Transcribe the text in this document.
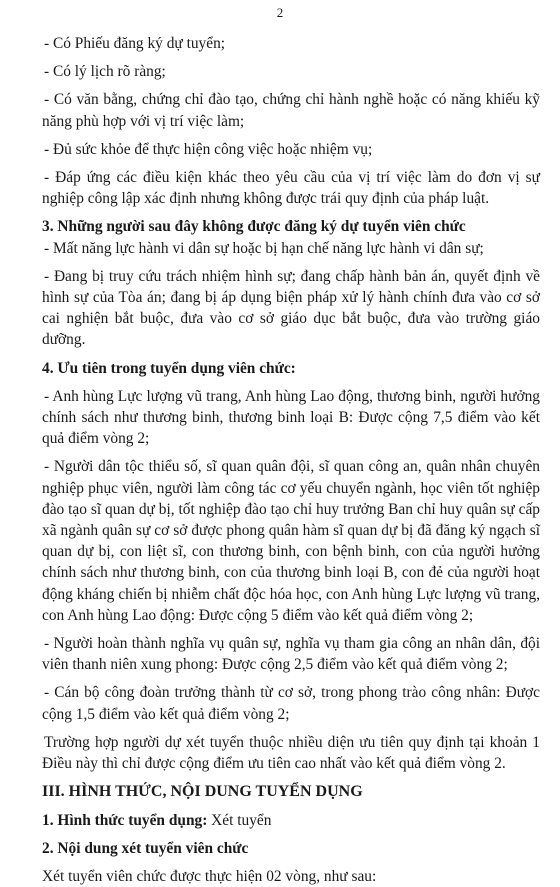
2

- Có Phiếu đăng ký dự tuyển;

- Có lý lịch rõ ràng;

- Có văn bằng, chứng chỉ đào tạo, chứng chỉ hành nghề hoặc có năng khiếu kỹ năng phù hợp với vị trí việc làm;

- Đủ sức khỏe để thực hiện công việc hoặc nhiệm vụ;

- Đáp ứng các điều kiện khác theo yêu cầu của vị trí việc làm do đơn vị sự nghiệp công lập xác định nhưng không được trái quy định của pháp luật.

3. Những người sau đây không được đăng ký dự tuyển viên chức

- Mất năng lực hành vi dân sự hoặc bị hạn chế năng lực hành vi dân sự;

- Đang bị truy cứu trách nhiệm hình sự; đang chấp hành bản án, quyết định về hình sự của Tòa án; đang bị áp dụng biện pháp xử lý hành chính đưa vào cơ sở cai nghiện bắt buộc, đưa vào cơ sở giáo dục bắt buộc, đưa vào trường giáo dưỡng.

4. Ưu tiên trong tuyển dụng viên chức:

- Anh hùng Lực lượng vũ trang, Anh hùng Lao động, thương binh, người hưởng chính sách như thương binh, thương binh loại B: Được cộng 7,5 điểm vào kết quả điểm vòng 2;

- Người dân tộc thiểu số, sĩ quan quân đội, sĩ quan công an, quân nhân chuyên nghiệp phục viên, người làm công tác cơ yếu chuyển ngành, học viên tốt nghiệp đào tạo sĩ quan dự bị, tốt nghiệp đào tạo chỉ huy trưởng Ban chỉ huy quân sự cấp xã ngành quân sự cơ sở được phong quân hàm sĩ quan dự bị đã đăng ký ngạch sĩ quan dự bị, con liệt sĩ, con thương binh, con bệnh binh, con của người hưởng chính sách như thương binh, con của thương binh loại B, con đẻ của người hoạt động kháng chiến bị nhiễm chất độc hóa học, con Anh hùng Lực lượng vũ trang, con Anh hùng Lao động: Được cộng 5 điểm vào kết quả điểm vòng 2;

- Người hoàn thành nghĩa vụ quân sự, nghĩa vụ tham gia công an nhân dân, đội viên thanh niên xung phong: Được cộng 2,5 điểm vào kết quả điểm vòng 2;

- Cán bộ công đoàn trưởng thành từ cơ sở, trong phong trào công nhân: Được cộng 1,5 điểm vào kết quả điểm vòng 2;

Trường hợp người dự xét tuyển thuộc nhiều diện ưu tiên quy định tại khoản 1 Điều này thì chỉ được cộng điểm ưu tiên cao nhất vào kết quả điểm vòng 2.

III. HÌNH THỨC, NỘI DUNG TUYỂN DỤNG

1. Hình thức tuyển dụng: Xét tuyển

2. Nội dung xét tuyển viên chức

Xét tuyển viên chức được thực hiện 02 vòng, như sau:
